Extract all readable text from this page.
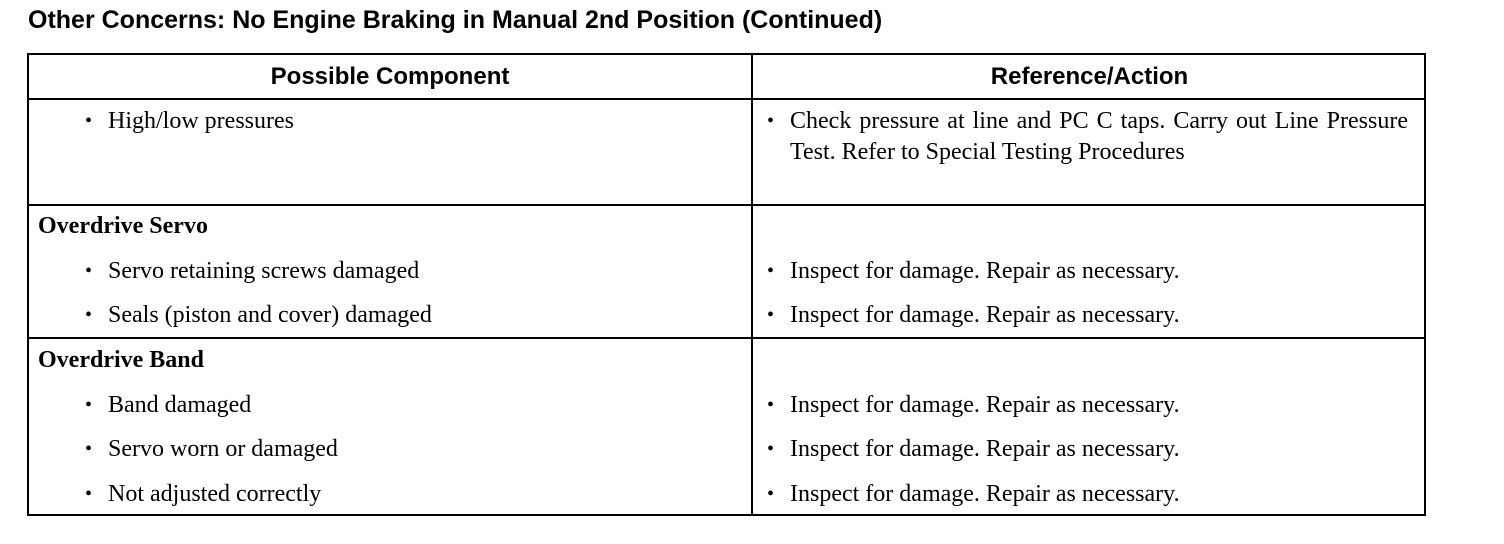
Other Concerns: No Engine Braking in Manual 2nd Position (Continued)
Possible Component	Reference/Action
• High/low pressures	• Check pressure at line and PC C taps. Carry out Line Pressure Test. Refer to Special Testing Procedures
Overdrive Servo
• Servo retaining screws damaged	• Inspect for damage. Repair as necessary.
• Seals (piston and cover) damaged	• Inspect for damage. Repair as necessary.
Overdrive Band
• Band damaged	• Inspect for damage. Repair as necessary.
• Servo worn or damaged	• Inspect for damage. Repair as necessary.
• Not adjusted correctly	• Inspect for damage. Repair as necessary.
